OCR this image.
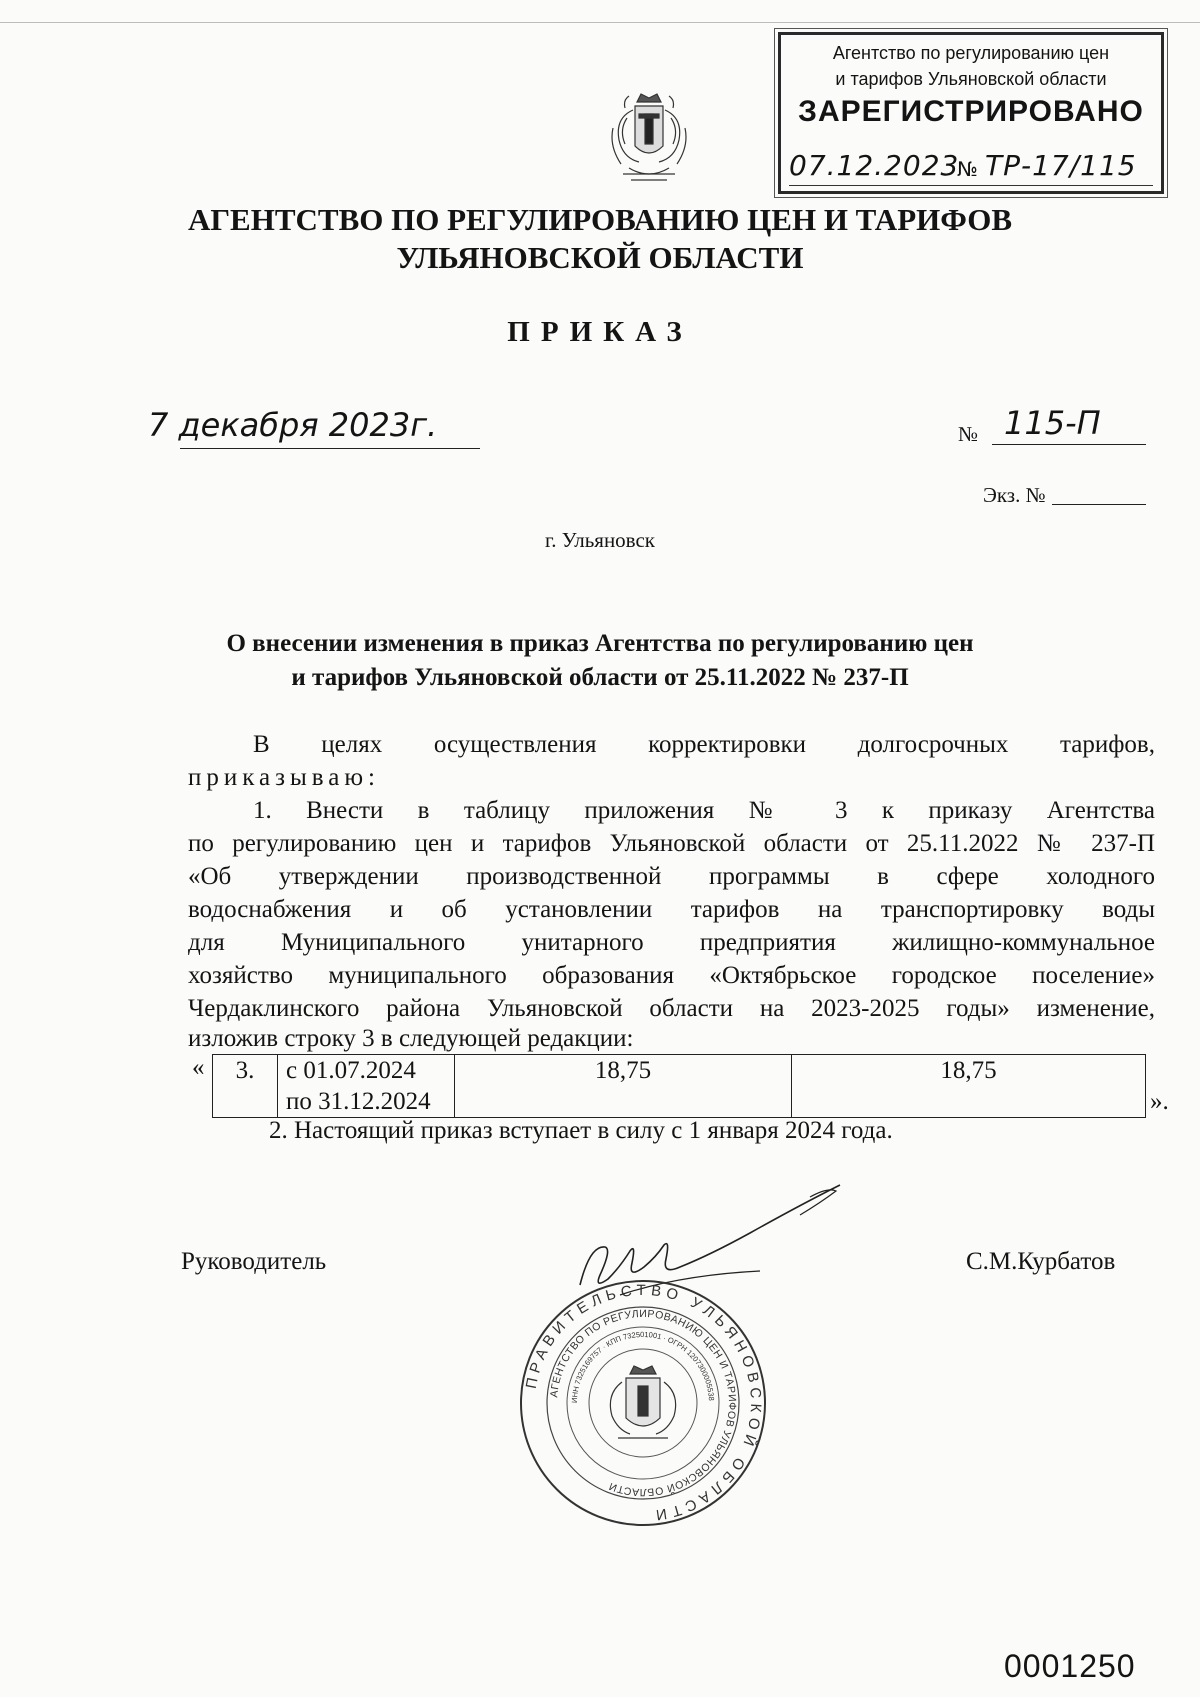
Агентство по регулированию цен
и тарифов Ульяновской области
ЗАРЕГИСТРИРОВАНО
07.12.2023
№ ТР-17/115
АГЕНТСТВО ПО РЕГУЛИРОВАНИЮ ЦЕН И ТАРИФОВ
УЛЬЯНОВСКОЙ ОБЛАСТИ
ПРИКАЗ
7 декабря 2023г.	№ 115-П
Экз. №
г. Ульяновск
О внесении изменения в приказ Агентства по регулированию цен
и тарифов Ульяновской области от 25.11.2022 № 237-П

В целях осуществления корректировки долгосрочных тарифов,

приказываю:

1. Внести в таблицу приложения № 3 к приказу Агентства

по регулированию цен и тарифов Ульяновской области от 25.11.2022 № 237-П

«Об утверждении производственной программы в сфере холодного

водоснабжения и об установлении тарифов на транспортировку воды

для Муниципального унитарного предприятия жилищно-коммунальное

хозяйство муниципального образования «Октябрьское городское поселение»

Чердаклинского района Ульяновской области на 2023-2025 годы» изменение,

изложив строку 3 в следующей редакции:

« 3.	с 01.07.2024
по 31.12.2024
	18,75	18,75
».
2. Настоящий приказ вступает в силу с 1 января 2024 года.
Руководитель	С.М.Курбатов
ПРАВИТЕЛЬСТВО УЛЬЯНОВСКОЙ ОБЛАСТИ
АГЕНТСТВО ПО РЕГУЛИРОВАНИЮ ЦЕН И ТАРИФОВ УЛЬЯНОВСКОЙ ОБЛАСТИ
ИНН 7325169757 · КПП 732501001 · ОГРН 1207300005538
0001250
